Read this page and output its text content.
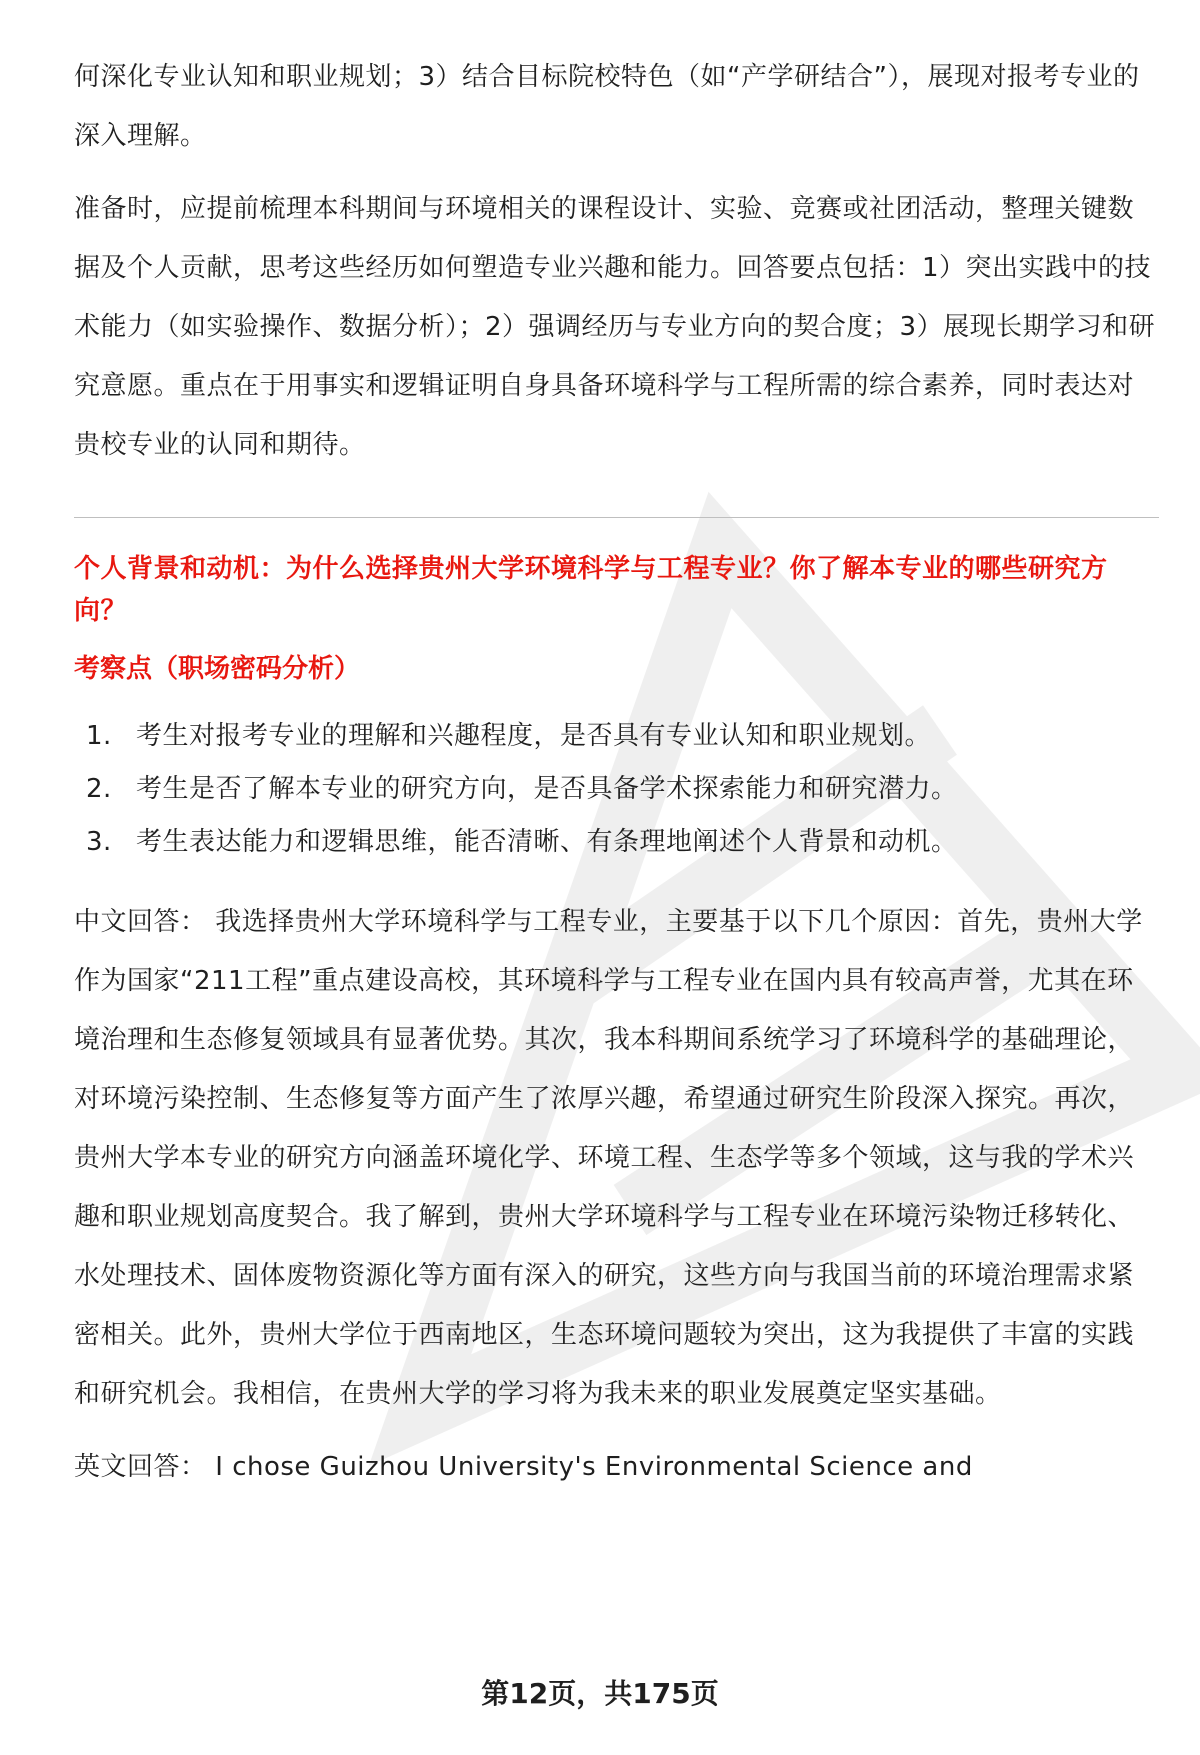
何深化专业认知和职业规划；3）结合目标院校特色（如“产学研结合”），展现对报考专业的深入理解。

准备时，应提前梳理本科期间与环境相关的课程设计、实验、竞赛或社团活动，整理关键数据及个人贡献，思考这些经历如何塑造专业兴趣和能力。回答要点包括：1）突出实践中的技术能力（如实验操作、数据分析）；2）强调经历与专业方向的契合度；3）展现长期学习和研究意愿。重点在于用事实和逻辑证明自身具备环境科学与工程所需的综合素养，同时表达对贵校专业的认同和期待。

个人背景和动机：为什么选择贵州大学环境科学与工程专业？你了解本专业的哪些研究方向？
考察点（职场密码分析）
1. 考生对报考专业的理解和兴趣程度，是否具有专业认知和职业规划。
2. 考生是否了解本专业的研究方向，是否具备学术探索能力和研究潜力。
3. 考生表达能力和逻辑思维，能否清晰、有条理地阐述个人背景和动机。

中文回答： 我选择贵州大学环境科学与工程专业，主要基于以下几个原因：首先，贵州大学作为国家“211工程”重点建设高校，其环境科学与工程专业在国内具有较高声誉，尤其在环境治理和生态修复领域具有显著优势。其次，我本科期间系统学习了环境科学的基础理论，对环境污染控制、生态修复等方面产生了浓厚兴趣，希望通过研究生阶段深入探究。再次，贵州大学本专业的研究方向涵盖环境化学、环境工程、生态学等多个领域，这与我的学术兴趣和职业规划高度契合。我了解到，贵州大学环境科学与工程专业在环境污染物迁移转化、水处理技术、固体废物资源化等方面有深入的研究，这些方向与我国当前的环境治理需求紧密相关。此外，贵州大学位于西南地区，生态环境问题较为突出，这为我提供了丰富的实践和研究机会。我相信，在贵州大学的学习将为我未来的职业发展奠定坚实基础。

英文回答： I chose Guizhou University's Environmental Science and

第12页，共175页
